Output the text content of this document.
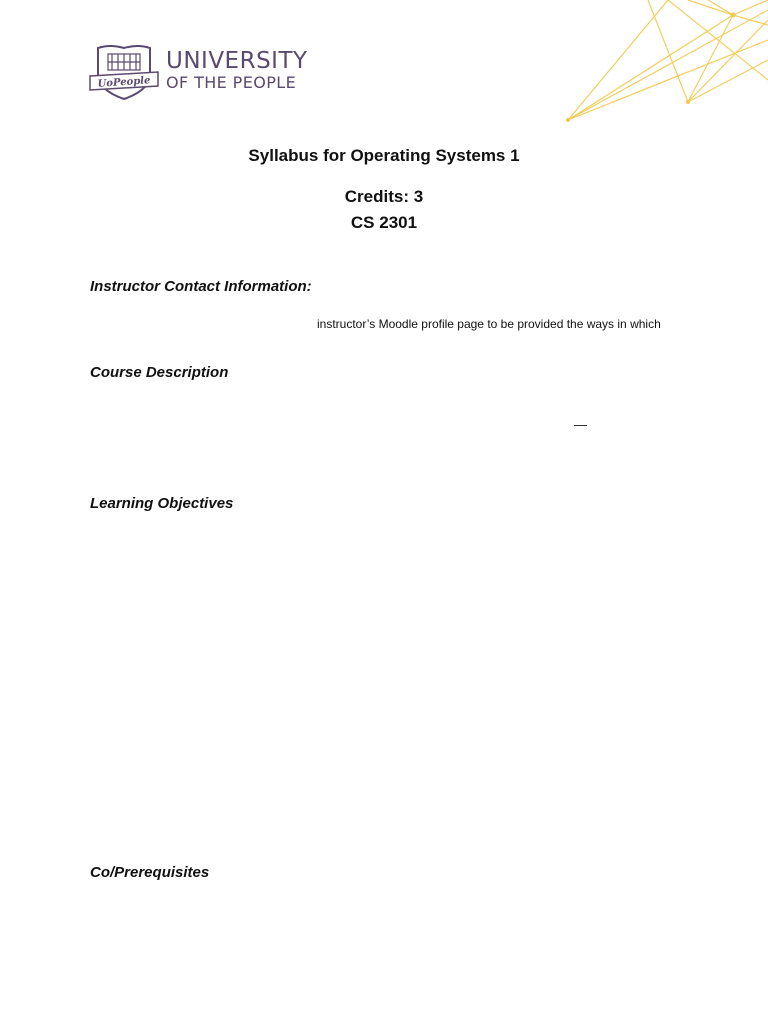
UoPeople
UNIVERSITY
OF THE PEOPLE
Syllabus for Operating Systems 1
Credits: 3
CS 2301
Instructor Contact Information:

instructor’s Moodle profile page to be provided the ways in which

Course Description
—
Learning Objectives
Co/Prerequisites
